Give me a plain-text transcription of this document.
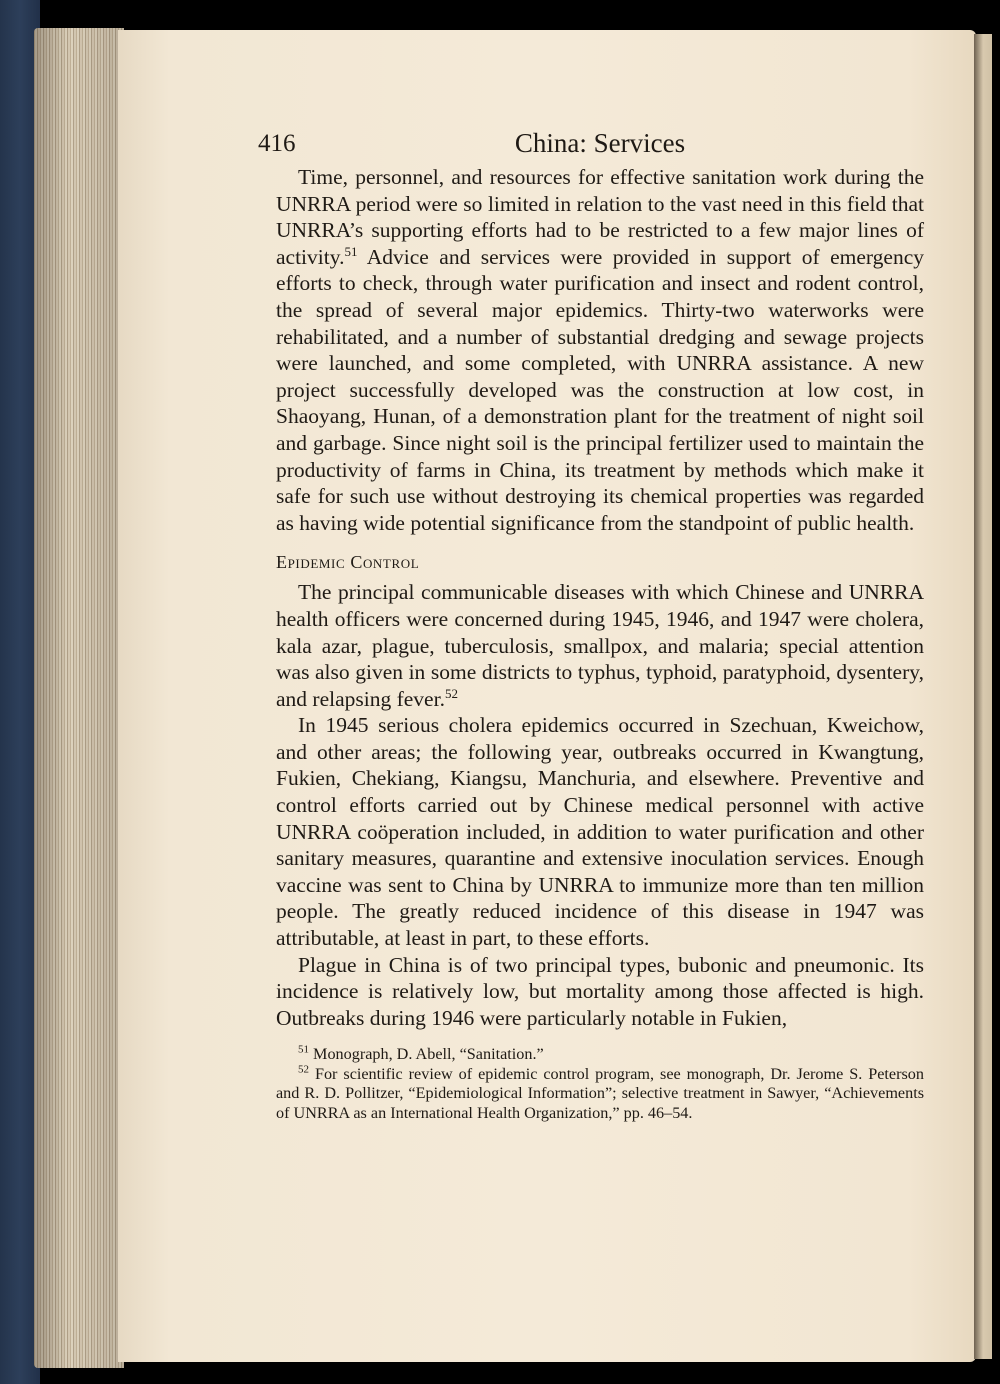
416	China: Services

Time, personnel, and resources for effective sanitation work during the UNRRA period were so limited in relation to the vast need in this field that UNRRA’s supporting efforts had to be restricted to a few major lines of activity.$^{51}$ Advice and services were provided in support of emergency efforts to check, through water purification and insect and rodent control, the spread of several major epidemics. Thirty-two waterworks were rehabilitated, and a number of substantial dredging and sewage projects were launched, and some completed, with UNRRA assistance. A new project successfully developed was the construction at low cost, in Shaoyang, Hunan, of a demonstration plant for the treatment of night soil and garbage. Since night soil is the principal fertilizer used to maintain the productivity of farms in China, its treatment by methods which make it safe for such use without destroying its chemical properties was regarded as having wide potential significance from the standpoint of public health.

Epidemic Control

The principal communicable diseases with which Chinese and UNRRA health officers were concerned during 1945, 1946, and 1947 were cholera, kala azar, plague, tuberculosis, smallpox, and malaria; special attention was also given in some districts to typhus, typhoid, paratyphoid, dysentery, and relapsing fever.$^{52}$

In 1945 serious cholera epidemics occurred in Szechuan, Kweichow, and other areas; the following year, outbreaks occurred in Kwangtung, Fukien, Chekiang, Kiangsu, Manchuria, and elsewhere. Preventive and control efforts carried out by Chinese medical personnel with active UNRRA coöperation included, in addition to water purification and other sanitary measures, quarantine and extensive inoculation services. Enough vaccine was sent to China by UNRRA to immunize more than ten million people. The greatly reduced incidence of this disease in 1947 was attributable, at least in part, to these efforts.

Plague in China is of two principal types, bubonic and pneumonic. Its incidence is relatively low, but mortality among those affected is high. Outbreaks during 1946 were particularly notable in Fukien,

$^{51}$ Monograph, D. Abell, “Sanitation.”

$^{52}$ For scientific review of epidemic control program, see monograph, Dr. Jerome S. Peterson and R. D. Pollitzer, “Epidemiological Information”; selective treatment in Sawyer, “Achievements of UNRRA as an International Health Organization,” pp. 46–54.
